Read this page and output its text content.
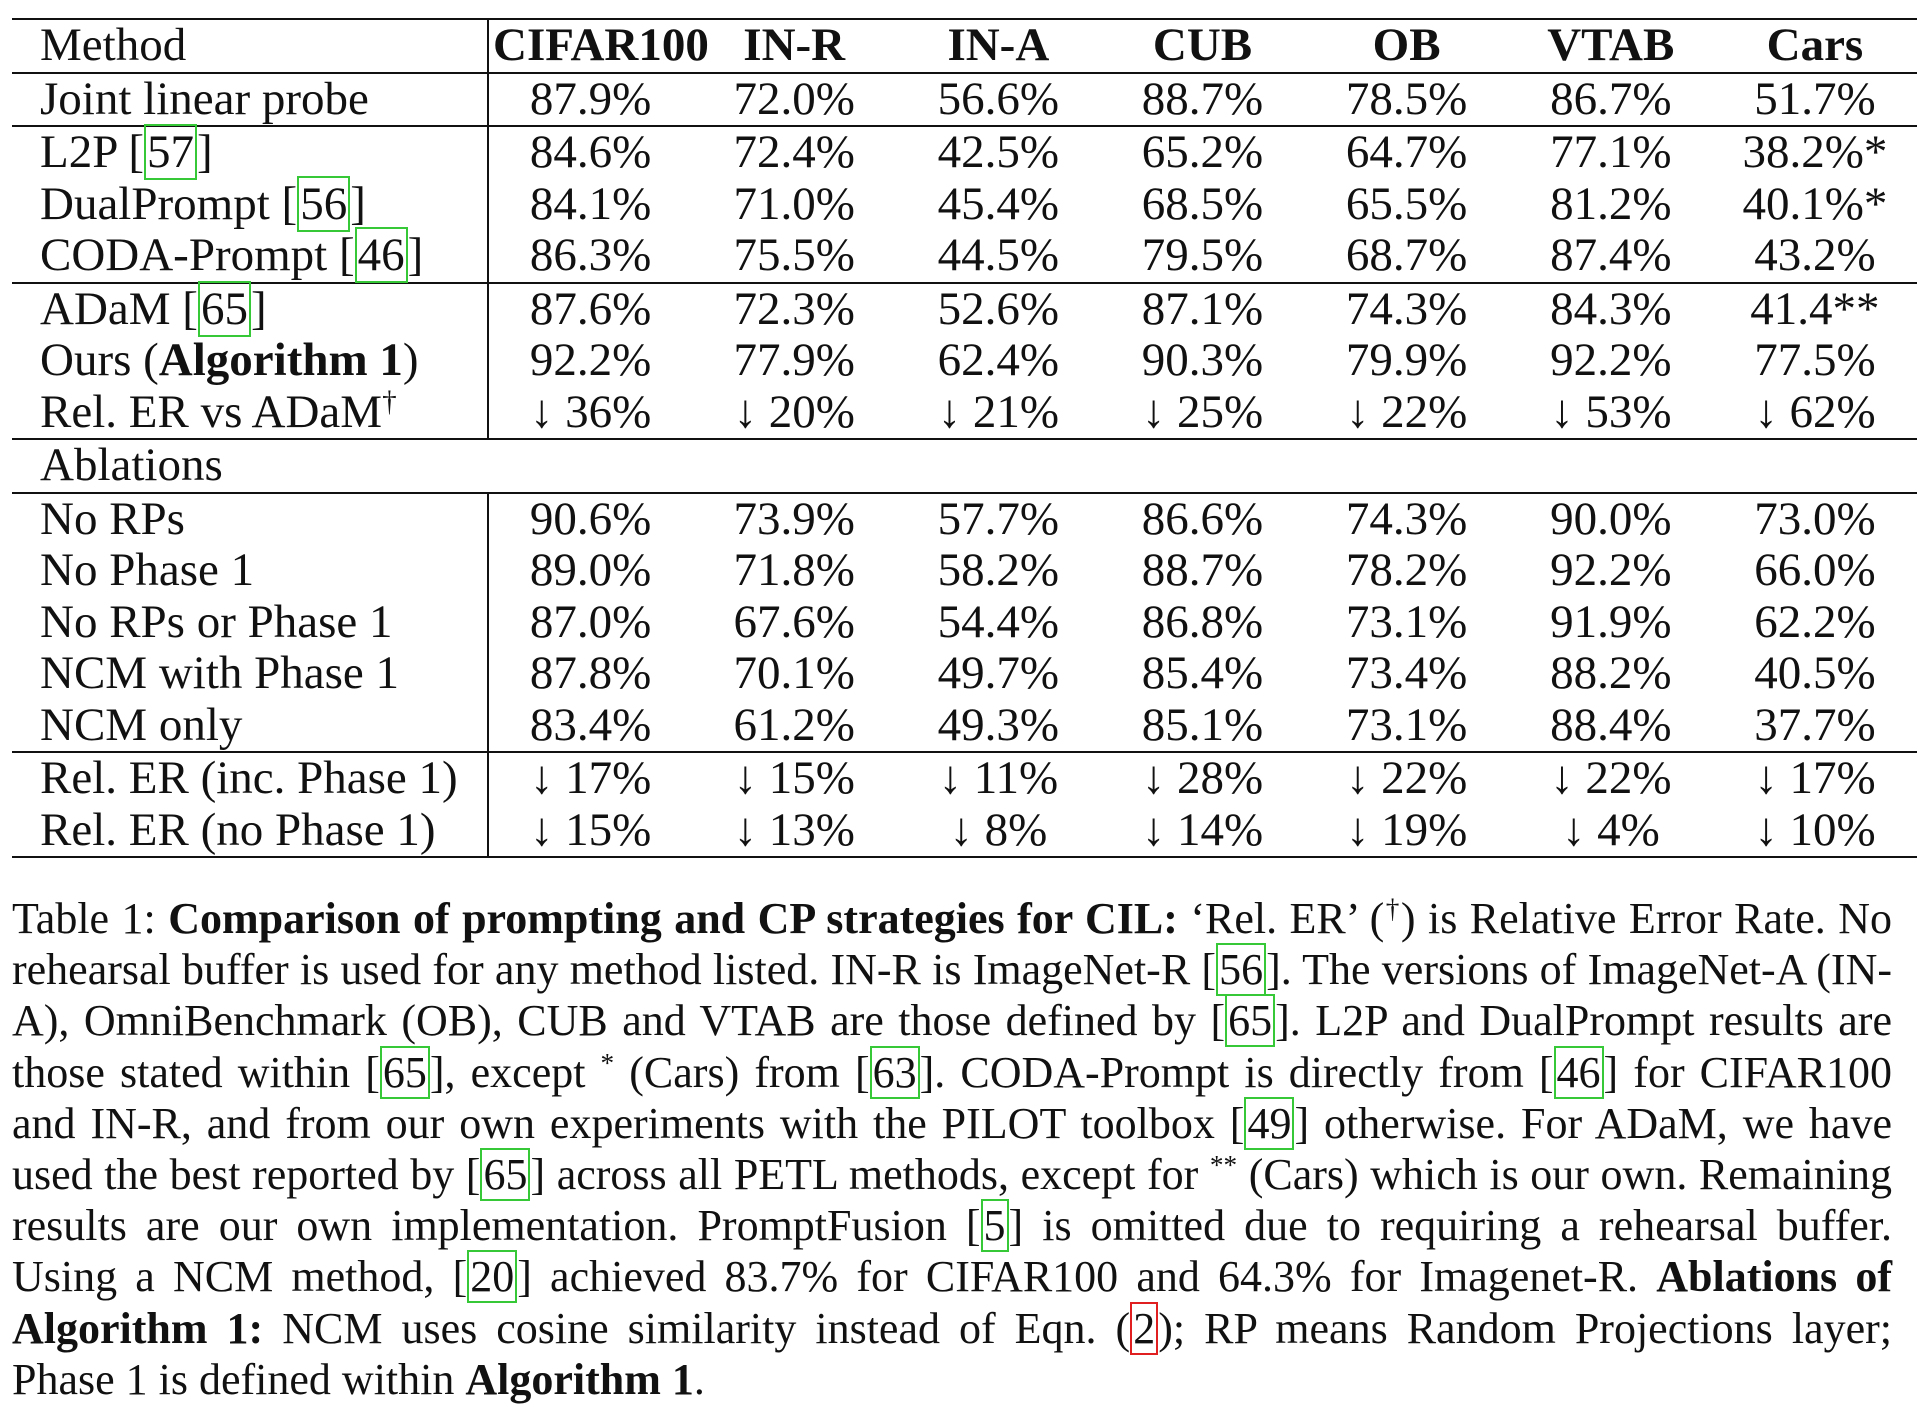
Method	CIFAR100	IN-R	IN-A	CUB	OB	VTAB	Cars
Joint linear probe	87.9%	72.0%	56.6%	88.7%	78.5%	86.7%	51.7%
L2P [57]	84.6%	72.4%	42.5%	65.2%	64.7%	77.1%	38.2%*
DualPrompt [56]	84.1%	71.0%	45.4%	68.5%	65.5%	81.2%	40.1%*
CODA-Prompt [46]	86.3%	75.5%	44.5%	79.5%	68.7%	87.4%	43.2%
ADaM [65]	87.6%	72.3%	52.6%	87.1%	74.3%	84.3%	41.4**
Ours (Algorithm 1)	92.2%	77.9%	62.4%	90.3%	79.9%	92.2%	77.5%
Rel. ER vs ADaM†	↓ 36%	↓ 20%	↓ 21%	↓ 25%	↓ 22%	↓ 53%	↓ 62%
Ablations							
No RPs	90.6%	73.9%	57.7%	86.6%	74.3%	90.0%	73.0%
No Phase 1	89.0%	71.8%	58.2%	88.7%	78.2%	92.2%	66.0%
No RPs or Phase 1	87.0%	67.6%	54.4%	86.8%	73.1%	91.9%	62.2%
NCM with Phase 1	87.8%	70.1%	49.7%	85.4%	73.4%	88.2%	40.5%
NCM only	83.4%	61.2%	49.3%	85.1%	73.1%	88.4%	37.7%
Rel. ER (inc. Phase 1)	↓ 17%	↓ 15%	↓ 11%	↓ 28%	↓ 22%	↓ 22%	↓ 17%
Rel. ER (no Phase 1)	↓ 15%	↓ 13%	↓ 8%	↓ 14%	↓ 19%	↓ 4%	↓ 10%

Table 1: Comparison of prompting and CP strategies for CIL: ‘Rel. ER’ (†) is Relative Error Rate. No rehearsal buffer is used for any method listed. IN-R is ImageNet-R [56]. The versions of ImageNet-A (IN-A), OmniBenchmark (OB), CUB and VTAB are those defined by [65]. L2P and DualPrompt results are those stated within [65], except * (Cars) from [63]. CODA-Prompt is directly from [46] for CIFAR100 and IN-R, and from our own experiments with the PILOT toolbox [49] otherwise. For ADaM, we have used the best reported by [65] across all PETL methods, except for ** (Cars) which is our own. Remaining results are our own implementation. PromptFusion [5] is omitted due to requiring a rehearsal buffer. Using a NCM method, [20] achieved 83.7% for CIFAR100 and 64.3% for Imagenet-R. Ablations of Algorithm 1: NCM uses cosine similarity instead of Eqn. (2); RP means Random Projections layer; Phase 1 is defined within Algorithm 1.
